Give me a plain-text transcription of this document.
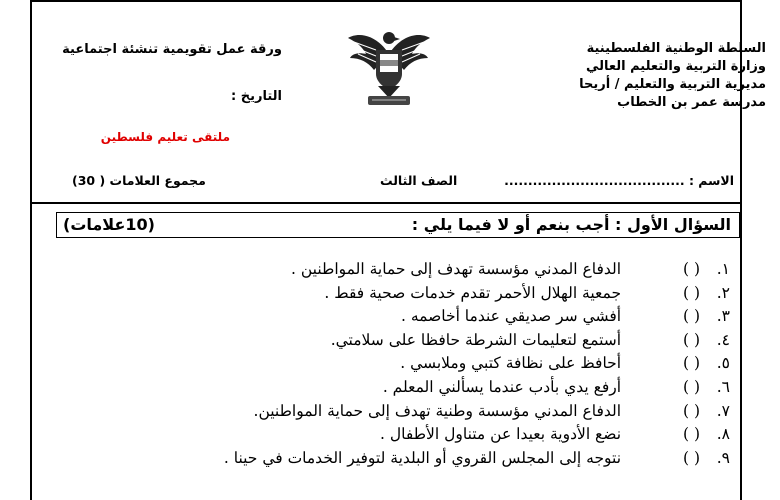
السلطة الوطنية الفلسطينية
وزارة التربية والتعليم العالي
مديرية التربية والتعليم / أريحا
مدرسة عمر بن الخطاب
ورقة عمل تقويمية تنشئة اجتماعية
التاريخ :
ملتقى تعليم فلسطين
الاسم : ......................................
الصف الثالث
مجموع العلامات ( 30)
السؤال الأول : أجب بنعم أو لا فيما يلي :
(10علامات)
١.( ) الدفاع المدني مؤسسة تهدف إلى حماية المواطنين .
٢.( ) جمعية الهلال الأحمر تقدم خدمات صحية فقط .
٣.( ) أفشي سر صديقي عندما أخاصمه .
٤.( ) أستمع لتعليمات الشرطة حافظا على سلامتي.
٥.( ) أحافظ على نظافة كتبي وملابسي .
٦.( ) أرفع يدي بأدب عندما يسألني المعلم .
٧.( ) الدفاع المدني مؤسسة وطنية تهدف إلى حماية المواطنين.
٨.( ) نضع الأدوية بعيدا عن متناول الأطفال .
٩.( ) نتوجه إلى المجلس القروي أو البلدية لتوفير الخدمات في حينا .
